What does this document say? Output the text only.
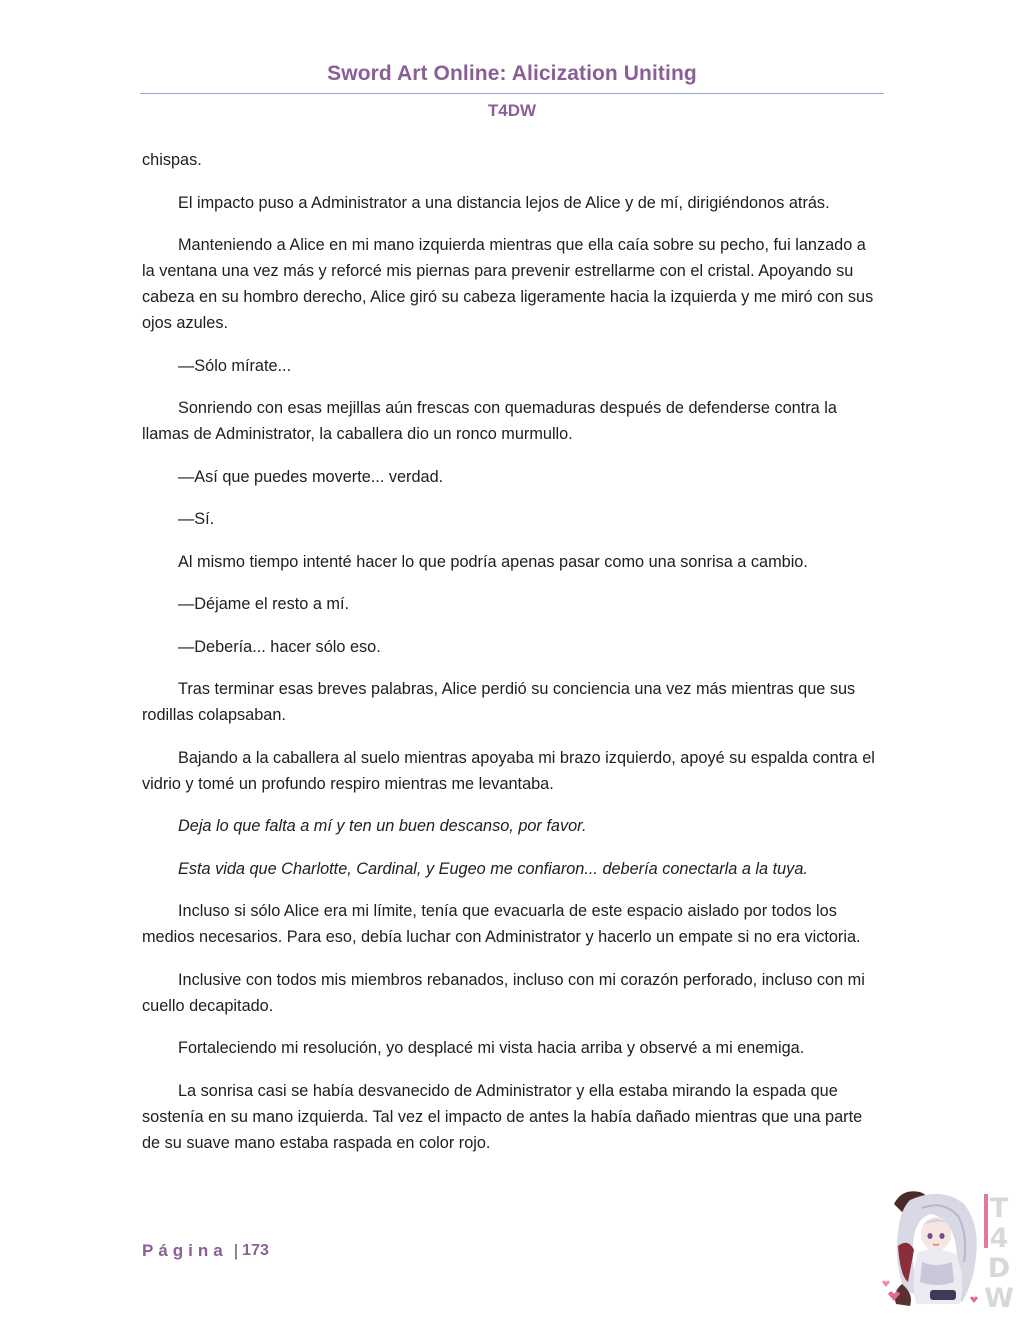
Sword Art Online: Alicization Uniting
T4DW

chispas.

El impacto puso a Administrator a una distancia lejos de Alice y de mí, dirigiéndonos atrás.

Manteniendo a Alice en mi mano izquierda mientras que ella caía sobre su pecho, fui lanzado a la ventana una vez más y reforcé mis piernas para prevenir estrellarme con el cristal. Apoyando su cabeza en su hombro derecho, Alice giró su cabeza ligeramente hacia la izquierda y me miró con sus ojos azules.

—Sólo mírate...

Sonriendo con esas mejillas aún frescas con quemaduras después de defenderse contra la llamas de Administrator, la caballera dio un ronco murmullo.

—Así que puedes moverte... verdad.

—Sí.

Al mismo tiempo intenté hacer lo que podría apenas pasar como una sonrisa a cambio.

—Déjame el resto a mí.

—Debería... hacer sólo eso.

Tras terminar esas breves palabras, Alice perdió su conciencia una vez más mientras que sus rodillas colapsaban.

Bajando a la caballera al suelo mientras apoyaba mi brazo izquierdo, apoyé su espalda contra el vidrio y tomé un profundo respiro mientras me levantaba.

Deja lo que falta a mí y ten un buen descanso, por favor.

Esta vida que Charlotte, Cardinal, y Eugeo me confiaron... debería conectarla a la tuya.

Incluso si sólo Alice era mi límite, tenía que evacuarla de este espacio aislado por todos los medios necesarios. Para eso, debía luchar con Administrator y hacerlo un empate si no era victoria.

Inclusive con todos mis miembros rebanados, incluso con mi corazón perforado, incluso con mi cuello decapitado.

Fortaleciendo mi resolución, yo desplacé mi vista hacia arriba y observé a mi enemiga.

La sonrisa casi se había desvanecido de Administrator y ella estaba mirando la espada que sostenía en su mano izquierda. Tal vez el impacto de antes la había dañado mientras que una parte de su suave mano estaba raspada en color rojo.

Página | 173
T
4
D
W
